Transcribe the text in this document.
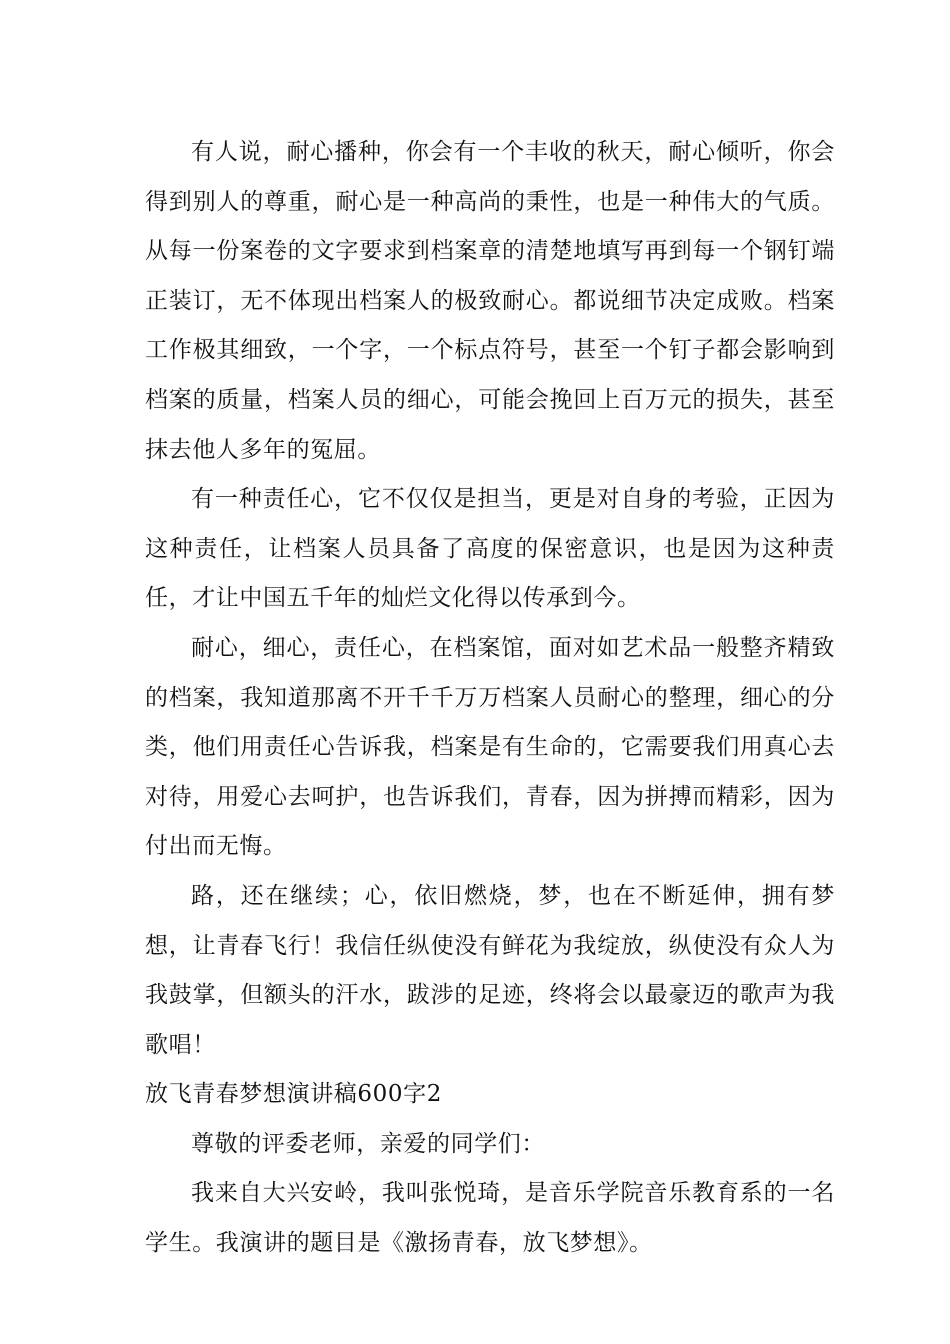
有人说，耐心播种，你会有一个丰收的秋天，耐心倾听，你会得到别人的尊重，耐心是一种高尚的秉性，也是一种伟大的气质。从每一份案卷的文字要求到档案章的清楚地填写再到每一个钢钉端正装订，无不体现出档案人的极致耐心。都说细节决定成败。档案工作极其细致，一个字，一个标点符号，甚至一个钉子都会影响到档案的质量，档案人员的细心，可能会挽回上百万元的损失，甚至抹去他人多年的冤屈。

有一种责任心，它不仅仅是担当，更是对自身的考验，正因为这种责任，让档案人员具备了高度的保密意识，也是因为这种责任，才让中国五千年的灿烂文化得以传承到今。

耐心，细心，责任心，在档案馆，面对如艺术品一般整齐精致的档案，我知道那离不开千千万万档案人员耐心的整理，细心的分类，他们用责任心告诉我，档案是有生命的，它需要我们用真心去对待，用爱心去呵护，也告诉我们，青春，因为拼搏而精彩，因为付出而无悔。

路，还在继续；心，依旧燃烧，梦，也在不断延伸，拥有梦想，让青春飞行！我信任纵使没有鲜花为我绽放，纵使没有众人为我鼓掌，但额头的汗水，跋涉的足迹，终将会以最豪迈的歌声为我歌唱！

放飞青春梦想演讲稿600字2

尊敬的评委老师，亲爱的同学们：

我来自大兴安岭，我叫张悦琦，是音乐学院音乐教育系的一名学生。我演讲的题目是《激扬青春，放飞梦想》。
